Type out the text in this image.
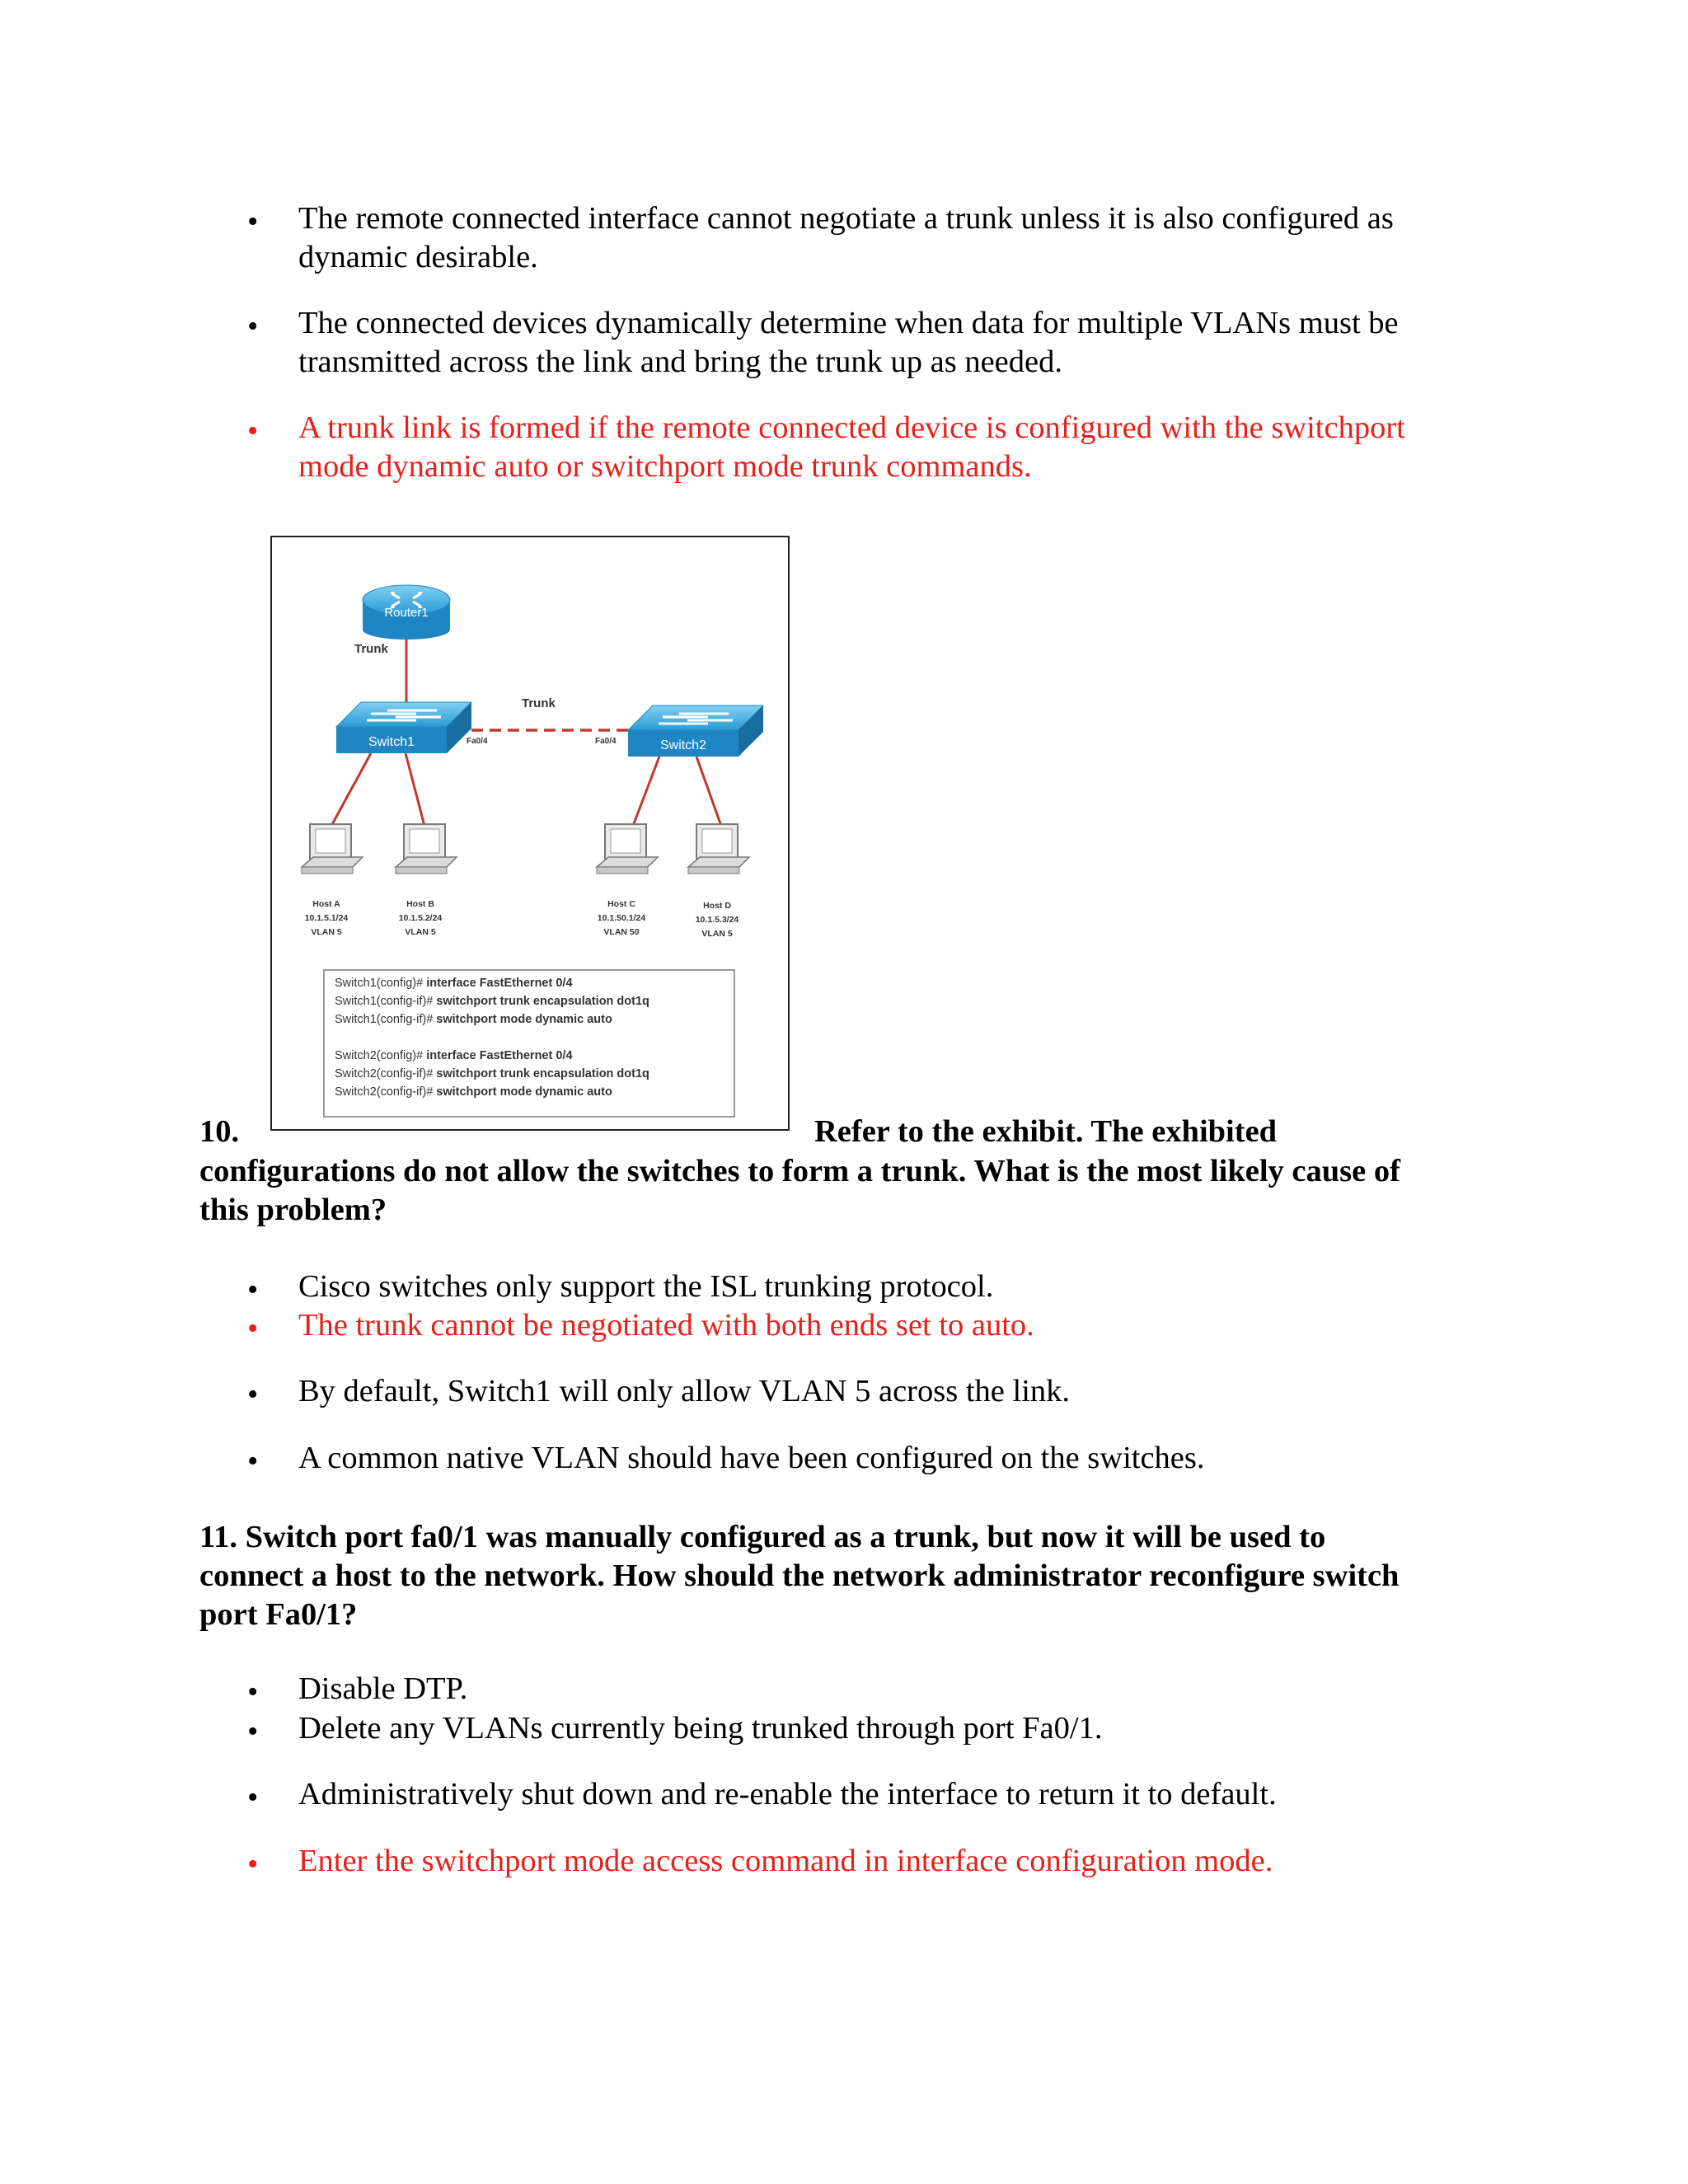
• The remote connected interface cannot negotiate a trunk unless it is also configured as

dynamic desirable.

• The connected devices dynamically determine when data for multiple VLANs must be

transmitted across the link and bring the trunk up as needed.

• A trunk link is formed if the remote connected device is configured with the switchport

mode dynamic auto or switchport mode trunk commands.

Router1
Trunk
Trunk
Switch1	Fa0/4	Switch2
Fa0/4
Host A
10.1.5.1/24
VLAN 5
Host B
10.1.5.2/24
VLAN 5
Host C
10.1.50.1/24
VLAN 50
Host D
10.1.5.3/24
VLAN 5
Switch1(config)# interface FastEthernet 0/4
Switch1(config-if)# switchport trunk encapsulation dot1q
Switch1(config-if)# switchport mode dynamic auto
Switch2(config)# interface FastEthernet 0/4
Switch2(config-if)# switchport trunk encapsulation dot1q
Switch2(config-if)# switchport mode dynamic auto

10.	Refer to the exhibit. The exhibited

configurations do not allow the switches to form a trunk. What is the most likely cause of

this problem?

• Cisco switches only support the ISL trunking protocol.

• The trunk cannot be negotiated with both ends set to auto.

• By default, Switch1 will only allow VLAN 5 across the link.

• A common native VLAN should have been configured on the switches.

11. Switch port fa0/1 was manually configured as a trunk, but now it will be used to

connect a host to the network. How should the network administrator reconfigure switch

port Fa0/1?

• Disable DTP.

• Delete any VLANs currently being trunked through port Fa0/1.

• Administratively shut down and re-enable the interface to return it to default.

• Enter the switchport mode access command in interface configuration mode.
